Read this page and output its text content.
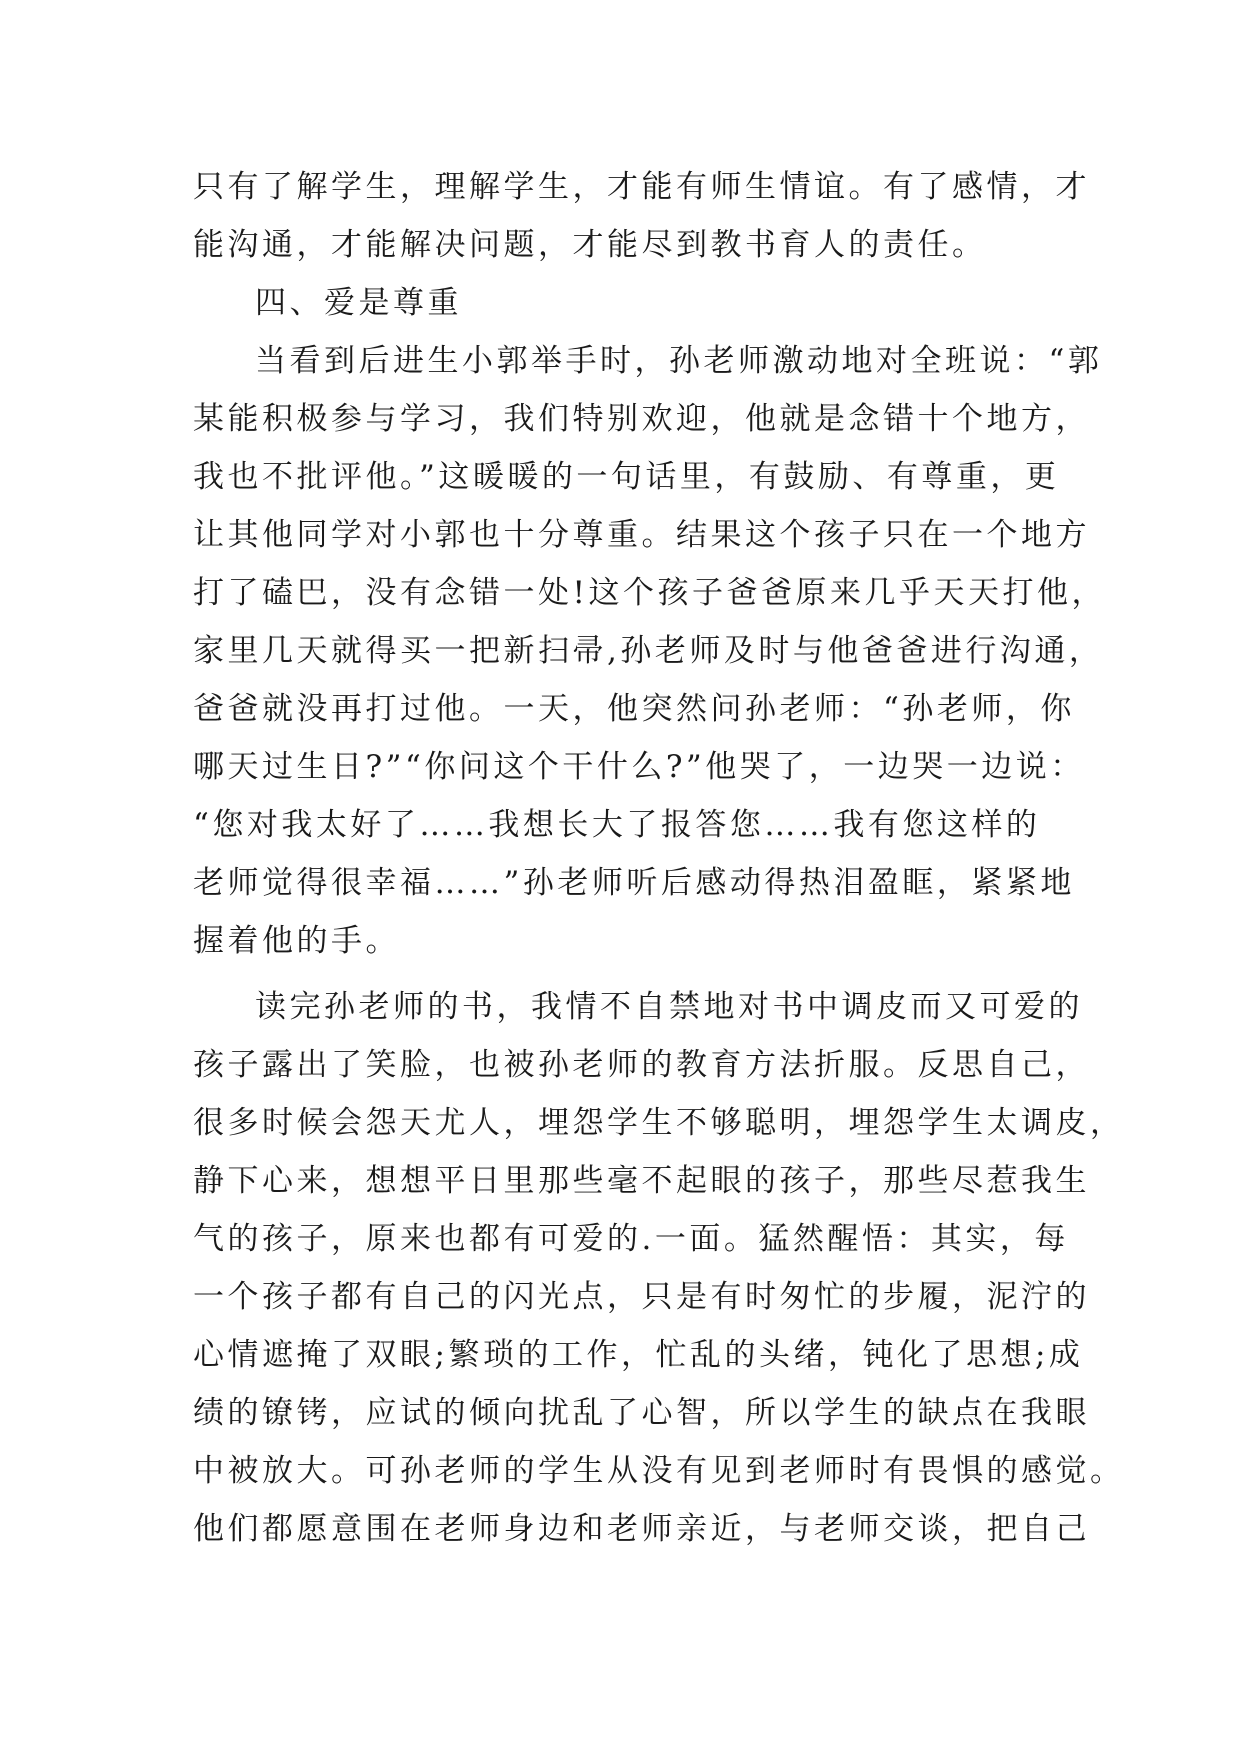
只有了解学生，理解学生，才能有师生情谊。有了感情，才
能沟通，才能解决问题，才能尽到教书育人的责任。
四、爱是尊重
当看到后进生小郭举手时，孙老师激动地对全班说：“郭
某能积极参与学习，我们特别欢迎，他就是念错十个地方，
我也不批评他。”这暖暖的一句话里，有鼓励、有尊重，更
让其他同学对小郭也十分尊重。结果这个孩子只在一个地方
打了磕巴，没有念错一处!这个孩子爸爸原来几乎天天打他，
家里几天就得买一把新扫帚,孙老师及时与他爸爸进行沟通，
爸爸就没再打过他。一天，他突然问孙老师：“孙老师，你
哪天过生日?”“你问这个干什么?”他哭了，一边哭一边说：
“您对我太好了……我想长大了报答您……我有您这样的
老师觉得很幸福……”孙老师听后感动得热泪盈眶，紧紧地
握着他的手。
读完孙老师的书，我情不自禁地对书中调皮而又可爱的
孩子露出了笑脸，也被孙老师的教育方法折服。反思自己，
很多时候会怨天尤人，埋怨学生不够聪明，埋怨学生太调皮，
静下心来，想想平日里那些毫不起眼的孩子，那些尽惹我生
气的孩子，原来也都有可爱的.一面。猛然醒悟：其实，每
一个孩子都有自己的闪光点，只是有时匆忙的步履，泥泞的
心情遮掩了双眼;繁琐的工作，忙乱的头绪，钝化了思想;成
绩的镣铐，应试的倾向扰乱了心智，所以学生的缺点在我眼
中被放大。可孙老师的学生从没有见到老师时有畏惧的感觉。
他们都愿意围在老师身边和老师亲近，与老师交谈，把自己
